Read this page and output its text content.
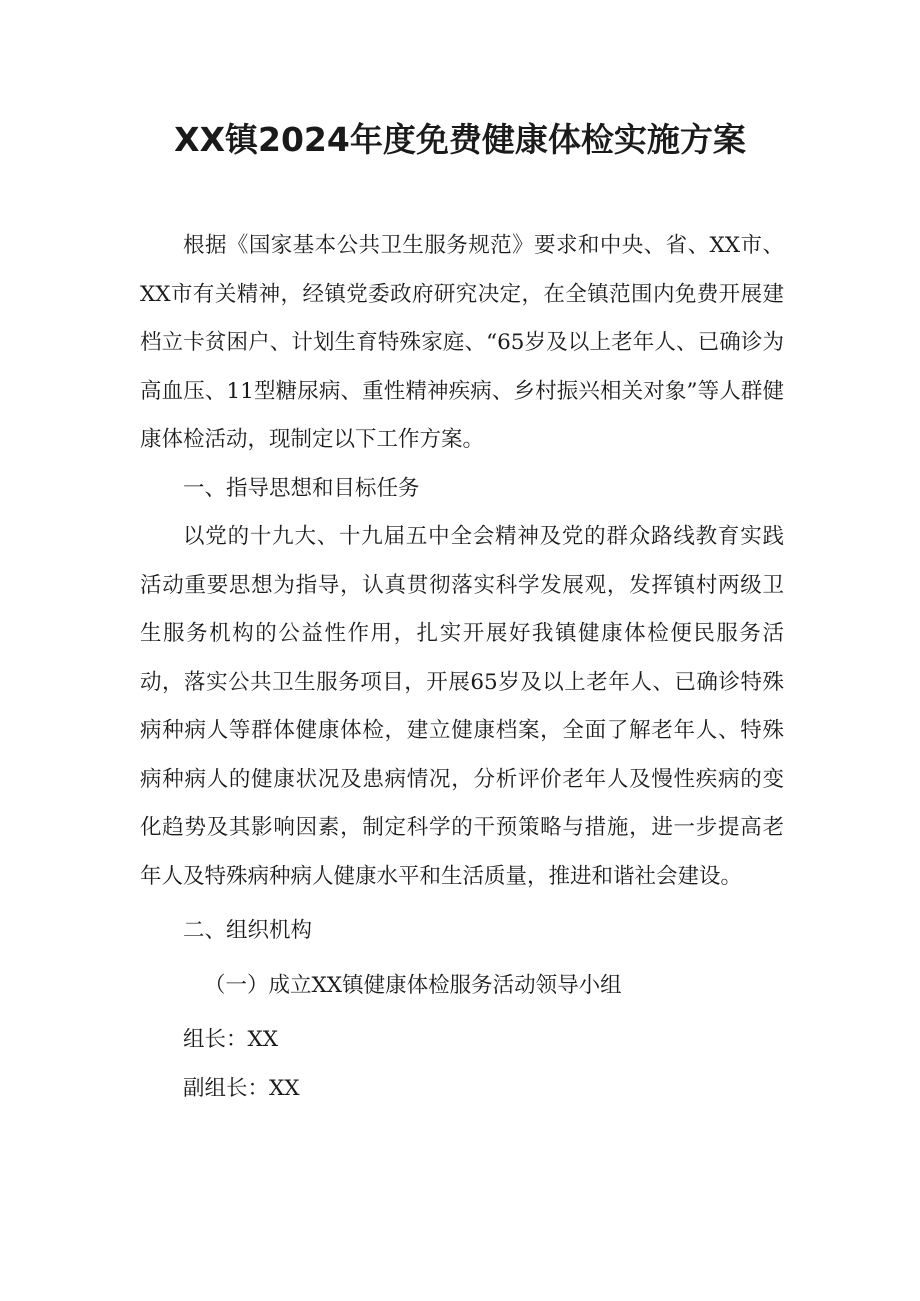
XX镇2024年度免费健康体检实施方案

根据《国家基本公共卫生服务规范》要求和中央、省、XX市、XX市有关精神，经镇党委政府研究决定，在全镇范围内免费开展建档立卡贫困户、计划生育特殊家庭、“65岁及以上老年人、已确诊为高血压、11型糖尿病、重性精神疾病、乡村振兴相关对象”等人群健康体检活动，现制定以下工作方案。

一、指导思想和目标任务

以党的十九大、十九届五中全会精神及党的群众路线教育实践活动重要思想为指导，认真贯彻落实科学发展观，发挥镇村两级卫生服务机构的公益性作用，扎实开展好我镇健康体检便民服务活动，落实公共卫生服务项目，开展65岁及以上老年人、已确诊特殊病种病人等群体健康体检，建立健康档案，全面了解老年人、特殊病种病人的健康状况及患病情况，分析评价老年人及慢性疾病的变化趋势及其影响因素，制定科学的干预策略与措施，进一步提高老年人及特殊病种病人健康水平和生活质量，推进和谐社会建设。

二、组织机构

（一）成立XX镇健康体检服务活动领导小组

组长：XX

副组长：XX
